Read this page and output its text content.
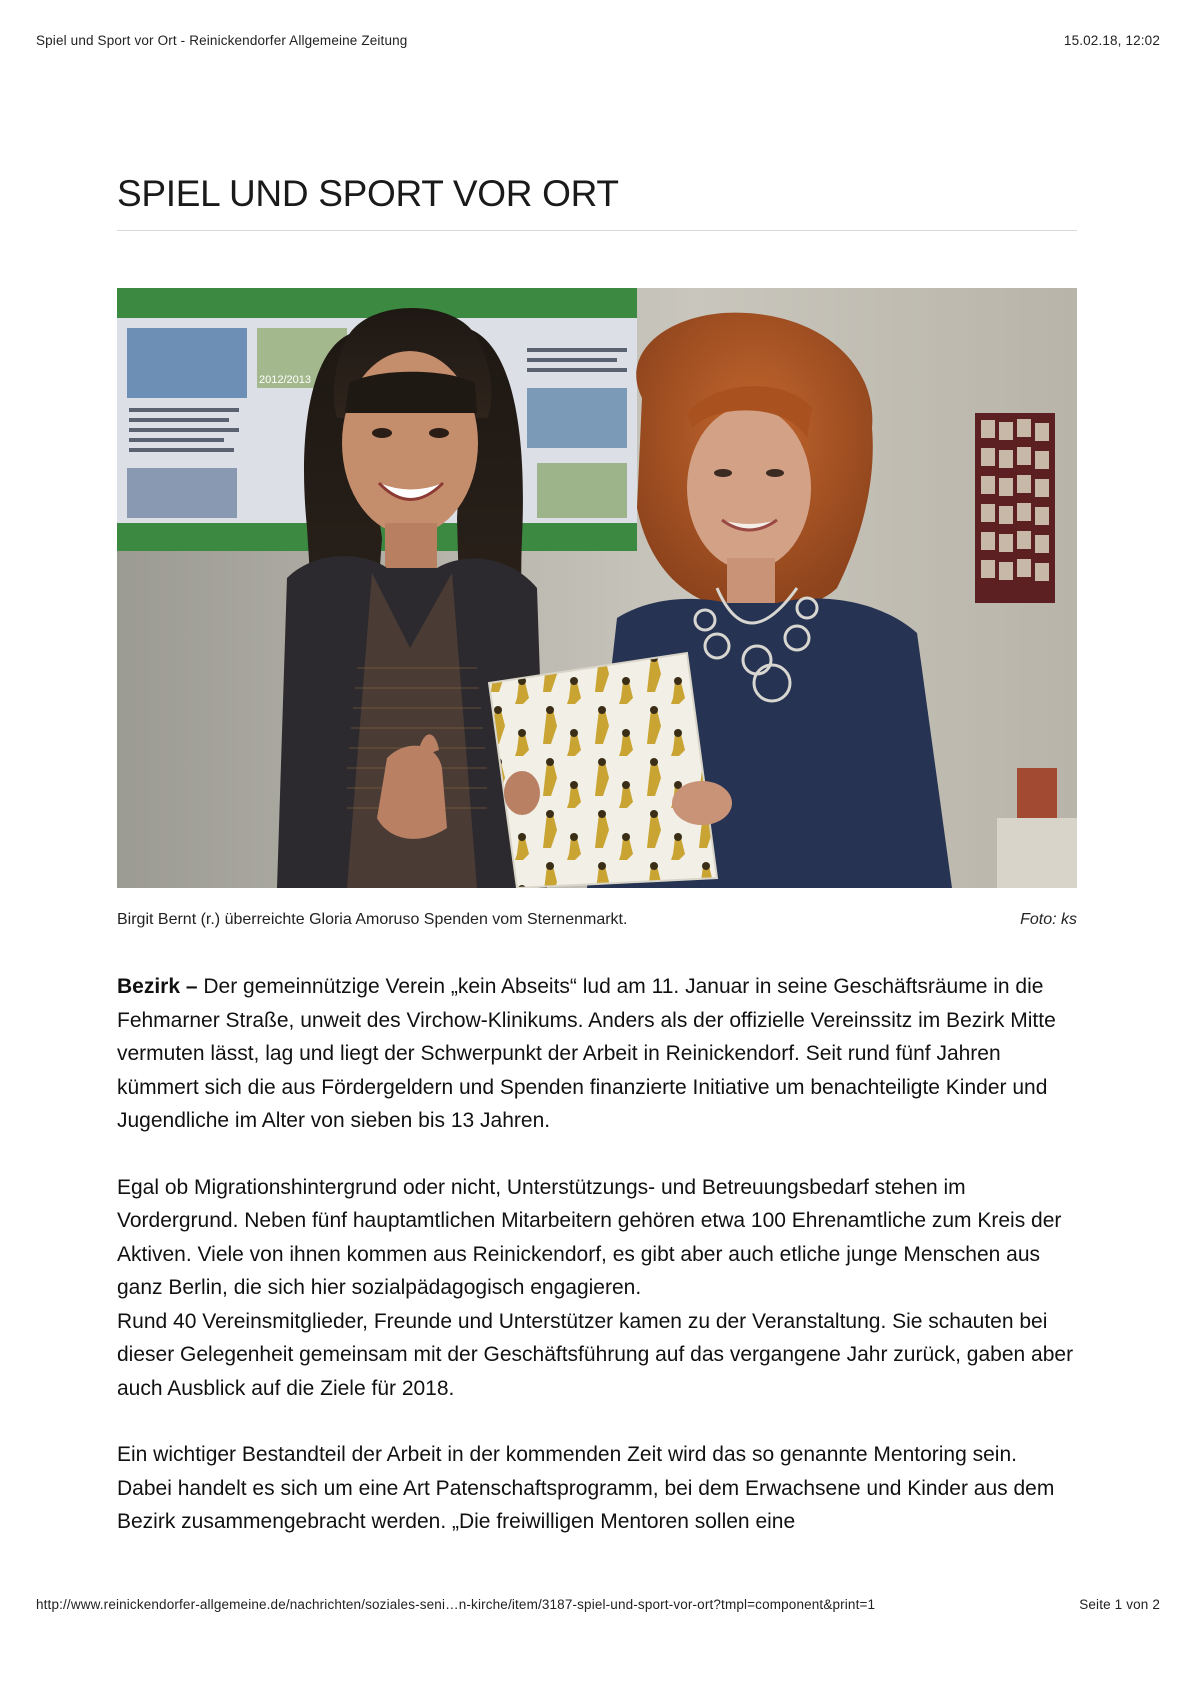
Spiel und Sport vor Ort - Reinickendorfer Allgemeine Zeitung	15.02.18, 12:02
SPIEL UND SPORT VOR ORT
2012/2013
Birgit Bernt (r.) überreichte Gloria Amoruso Spenden vom Sternenmarkt.	Foto: ks

Bezirk – Der gemeinnützige Verein „kein Abseits“ lud am 11. Januar in seine Geschäftsräume in die Fehmarner Straße, unweit des Virchow-Klinikums. Anders als der offizielle Vereinssitz im Bezirk Mitte vermuten lässt, lag und liegt der Schwerpunkt der Arbeit in Reinickendorf. Seit rund fünf Jahren kümmert sich die aus Fördergeldern und Spenden finanzierte Initiative um benachteiligte Kinder und Jugendliche im Alter von sieben bis 13 Jahren.

Egal ob Migrationshintergrund oder nicht, Unterstützungs- und Betreuungsbedarf stehen im Vordergrund. Neben fünf hauptamtlichen Mitarbeitern gehören etwa 100 Ehrenamtliche zum Kreis der Aktiven. Viele von ihnen kommen aus Reinickendorf, es gibt aber auch etliche junge Menschen aus ganz Berlin, die sich hier sozialpädagogisch engagieren.

Rund 40 Vereinsmitglieder, Freunde und Unterstützer kamen zu der Veranstaltung. Sie schauten bei dieser Gelegenheit gemeinsam mit der Geschäftsführung auf das vergangene Jahr zurück, gaben aber auch Ausblick auf die Ziele für 2018.

Ein wichtiger Bestandteil der Arbeit in der kommenden Zeit wird das so genannte Mentoring sein. Dabei handelt es sich um eine Art Patenschaftsprogramm, bei dem Erwachsene und Kinder aus dem Bezirk zusammengebracht werden. „Die freiwilligen Mentoren sollen eine

http://www.reinickendorfer-allgemeine.de/nachrichten/soziales-seni…n-kirche/item/3187-spiel-und-sport-vor-ort?tmpl=component&print=1	Seite 1 von 2
